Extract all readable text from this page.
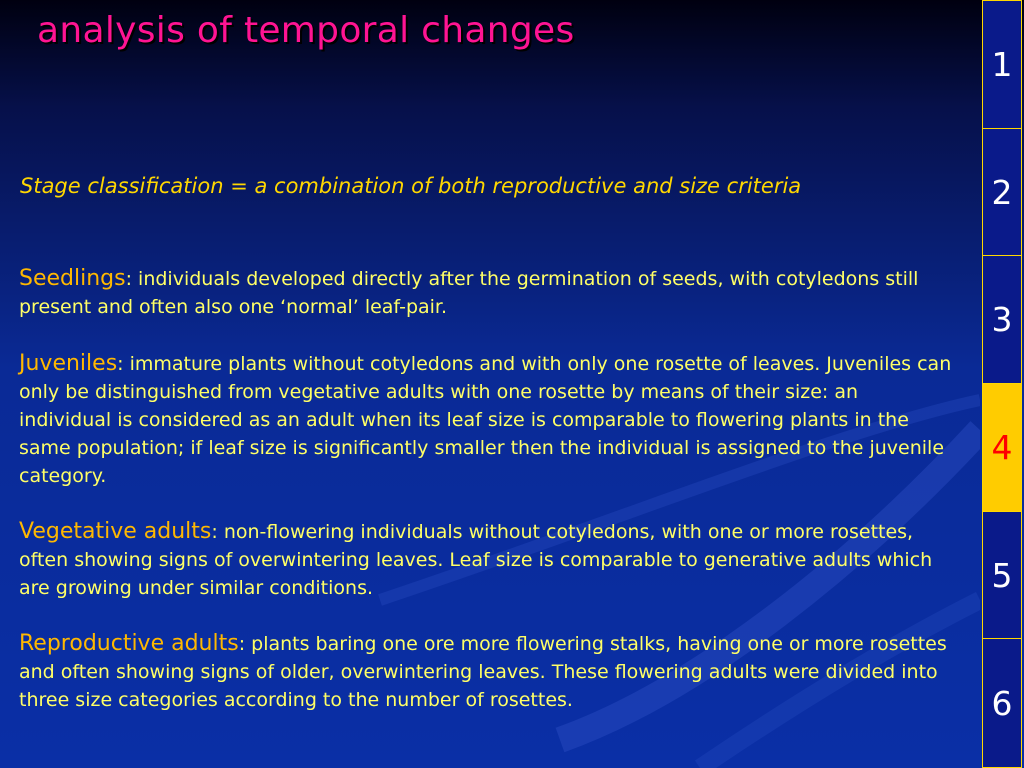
analysis of temporal changes

Stage classification = a combination of both reproductive and size criteria

Seedlings: individuals developed directly after the germination of seeds, with cotyledons still present and often also one ‘normal’ leaf-pair.

Juveniles: immature plants without cotyledons and with only one rosette of leaves. Juveniles can only be distinguished from vegetative adults with one rosette by means of their size: an individual is considered as an adult when its leaf size is comparable to flowering plants in the same population; if leaf size is significantly smaller then the individual is assigned to the juvenile category.

Vegetative adults: non-flowering individuals without cotyledons, with one or more rosettes, often showing signs of overwintering leaves. Leaf size is comparable to generative adults which are growing under similar conditions.

Reproductive adults: plants baring one ore more flowering stalks, having one or more rosettes and often showing signs of older, overwintering leaves. These flowering adults were divided into three size categories according to the number of rosettes.

1
2
3
4
5
6
